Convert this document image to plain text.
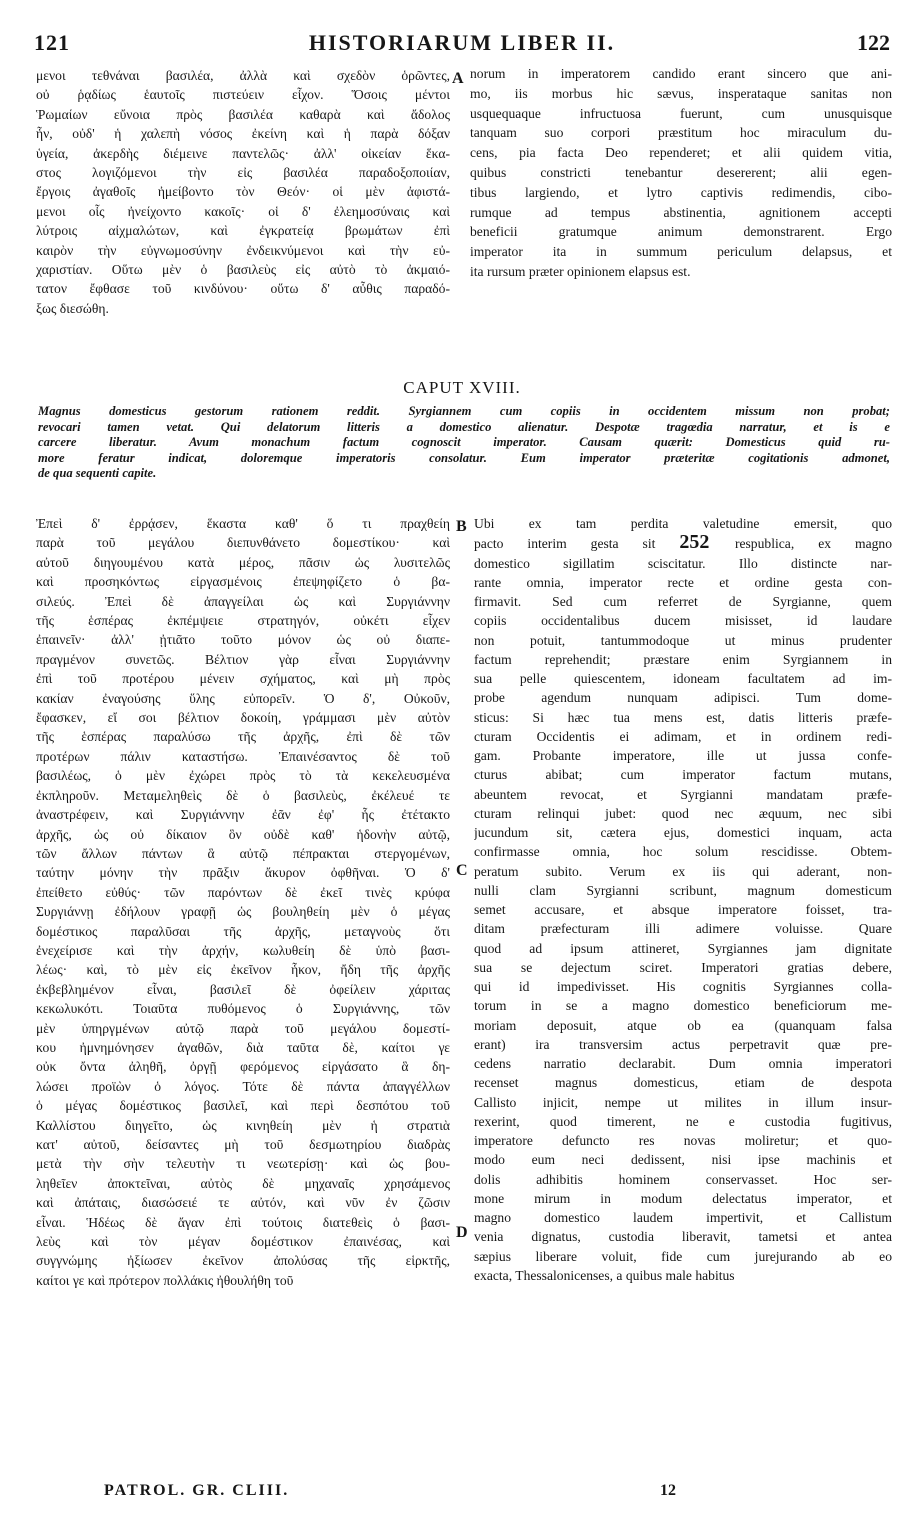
121	HISTORIARUM LIBER II.	122
μενοι τεθνάναι βασιλέα, ἀλλὰ καὶ σχεδὸν ὁρῶντες,
οὐ ῥᾳδίως ἑαυτοῖς πιστεύειν εἶχον. Ὅσοις μέντοι
Ῥωμαίων εὔνοια πρὸς βασιλέα καθαρὰ καὶ ἄδολος
ἦν, οὐδ' ἡ χαλεπὴ νόσος ἐκείνη καὶ ἡ παρὰ δόξαν
ὑγεία, ἀκερδὴς διέμεινε παντελῶς· ἀλλ' οἰκείαν ἕκα-
στος λογιζόμενοι τὴν εἰς βασιλέα παραδοξοποιίαν,
ἔργοις ἀγαθοῖς ἠμείβοντο τὸν Θεόν· οἱ μὲν ἀφιστά-
μενοι οἷς ἠνείχοντο κακοῖς· οἱ δ' ἐλεημοσύναις καὶ
λύτροις αἰχμαλώτων, καὶ ἐγκρατείᾳ βρωμάτων ἐπὶ
καιρὸν τὴν εὐγνωμοσύνην ἐνδεικνύμενοι καὶ τὴν εὐ-
χαριστίαν. Οὕτω μὲν ὁ βασιλεὺς εἰς αὐτὸ τὸ ἀκμαιό-
τατον ἔφθασε τοῦ κινδύνου· οὕτω δ' αὖθις παραδό-
ξως διεσώθη.
A norum in imperatorem candido erant sincero que ani-
mo, iis morbus hic sævus, insperataque sanitas non
usquequaque infructuosa fuerunt, cum unusquisque
tanquam suo corpori præstitum hoc miraculum du-
cens, pia facta Deo rependeret; et alii quidem vitia,
quibus constricti tenebantur desererent; alii egen-
tibus largiendo, et lytro captivis redimendis, cibo-
rumque ad tempus abstinentia, agnitionem accepti
beneficii gratumque animum demonstrarent. Ergo
imperator ita in summum periculum delapsus, et
ita rursum præter opinionem elapsus est.
CAPUT XVIII.
Magnus domesticus gestorum rationem reddit. Syrgiannem cum copiis in occidentem missum non probat;
revocari tamen vetat. Qui delatorum litteris a domestico alienatur. Despotæ tragœdia narratur, et is e
carcere liberatur. Avum monachum factum cognoscit imperator. Causam quærit: Domesticus quid ru-
more feratur indicat, doloremque imperatoris consolatur. Eum imperator præteritæ cogitationis admonet,
de qua sequenti capite.
Ἐπεὶ δ' ἐρρᾴσεν, ἕκαστα καθ' ὅ τι πραχθείη
παρὰ τοῦ μεγάλου διεπυνθάνετο δομεστίκου· καὶ
αὐτοῦ διηγουμένου κατὰ μέρος, πᾶσιν ὡς λυσιτελῶς
καὶ προσηκόντως εἰργασμένοις ἐπεψηφίζετο ὁ βα-
σιλεύς. Ἐπεὶ δὲ ἀπαγγείλαι ὡς καὶ Συργιάννην
τῆς ἑσπέρας ἐκπέμψειε στρατηγόν, οὐκέτι εἶχεν
ἐπαινεῖν· ἀλλ' ᾐτιᾶτο τοῦτο μόνον ὡς οὐ διαπε-
πραγμένον συνετῶς. Βέλτιον γὰρ εἶναι Συργιάννην
ἐπὶ τοῦ προτέρου μένειν σχήματος, καὶ μὴ πρὸς
κακίαν ἐναγούσης ὕλης εὐπορεῖν. Ὁ δ', Οὐκοῦν,
ἔφασκεν, εἴ σοι βέλτιον δοκοίη, γράμμασι μὲν αὐτὸν
τῆς ἑσπέρας παραλύσω τῆς ἀρχῆς, ἐπὶ δὲ τῶν
προτέρων πάλιν καταστήσω. Ἐπαινέσαντος δὲ τοῦ
βασιλέως, ὁ μὲν ἐχώρει πρὸς τὸ τὰ κεκελευσμένα
ἐκπληροῦν. Μεταμεληθεὶς δὲ ὁ βασιλεὺς, ἐκέλευέ τε
ἀναστρέφειν, καὶ Συργιάννην ἐᾶν ἐφ' ἧς ἐτέτακτο
ἀρχῆς, ὡς οὐ δίκαιον ὃν οὐδὲ καθ' ἡδονὴν αὐτῷ,
τῶν ἄλλων πάντων ἃ αὐτῷ πέπρακται στεργομένων,
ταύτην μόνην τὴν πρᾶξιν ἄκυρον ὀφθῆναι. Ὁ δ'
ἐπείθετο εὐθύς· τῶν παρόντων δὲ ἐκεῖ τινὲς κρύφα
Συργιάννῃ ἐδήλουν γραφῇ ὡς βουληθείη μὲν ὁ μέγας
δομέστικος παραλῦσαι τῆς ἀρχῆς, μεταγνοὺς ὅτι
ἐνεχείρισε καὶ τὴν ἀρχήν, κωλυθείη δὲ ὑπὸ βασι-
λέως· καὶ, τὸ μὲν εἰς ἐκεῖνον ἧκον, ἤδη τῆς ἀρχῆς
ἐκβεβλημένον εἶναι, βασιλεῖ δὲ ὀφείλειν χάριτας
κεκωλυκότι. Τοιαῦτα πυθόμενος ὁ Συργιάννης, τῶν
μὲν ὑπηργμένων αὐτῷ παρὰ τοῦ μεγάλου δομεστί-
κου ἠμνημόνησεν ἀγαθῶν, διὰ ταῦτα δὲ, καίτοι γε
οὐκ ὄντα ἀληθῆ, ὀργῇ φερόμενος εἰργάσατο ἃ δη-
λώσει προϊὼν ὁ λόγος. Τότε δὲ πάντα ἀπαγγέλλων
ὁ μέγας δομέστικος βασιλεῖ, καὶ περὶ δεσπότου τοῦ
Καλλίστου διηγεῖτο, ὡς κινηθείη μὲν ἡ στρατιὰ
κατ' αὐτοῦ, δείσαντες μὴ τοῦ δεσμωτηρίου διαδρὰς
μετὰ τὴν σὴν τελευτὴν τι νεωτερίσῃ· καὶ ὡς βου-
ληθεῖεν ἀποκτεῖναι, αὐτὸς δὲ μηχαναῖς χρησάμενος
καὶ ἀπάταις, διασώσειέ τε αὐτόν, καὶ νῦν ἐν ζῶσιν
εἶναι. Ἡδέως δὲ ἄγαν ἐπὶ τούτοις διατεθεὶς ὁ βασι-
λεὺς καὶ τὸν μέγαν δομέστικον ἐπαινέσας, καὶ
συγγνώμης ἠξίωσεν ἐκεῖνον ἀπολύσας τῆς εἱρκτῆς,
καίτοι γε καὶ πρότερον πολλάκις ἠθουλήθη τοῦ
B
C
D
Ubi ex tam perdita valetudine emersit, quo
pacto interim gesta sit 252 respublica, ex magno
domestico sigillatim sciscitatur. Illo distincte nar-
rante omnia, imperator recte et ordine gesta con-
firmavit. Sed cum referret de Syrgianne, quem
copiis occidentalibus ducem misisset, id laudare
non potuit, tantummodoque ut minus prudenter
factum reprehendit; præstare enim Syrgiannem in
sua pelle quiescentem, idoneam facultatem ad im-
probe agendum nunquam adipisci. Tum dome-
sticus: Si hæc tua mens est, datis litteris præfe-
cturam Occidentis ei adimam, et in ordinem redi-
gam. Probante imperatore, ille ut jussa confe-
cturus abibat; cum imperator factum mutans,
abeuntem revocat, et Syrgianni mandatam præfe-
cturam relinqui jubet: quod nec æquum, nec sibi
jucundum sit, cætera ejus, domestici inquam, acta
confirmasse omnia, hoc solum rescidisse. Obtem-
peratum subito. Verum ex iis qui aderant, non-
nulli clam Syrgianni scribunt, magnum domesticum
semet accusare, et absque imperatore foisset, tra-
ditam præfecturam illi adimere voluisse. Quare
quod ad ipsum attineret, Syrgiannes jam dignitate
sua se dejectum sciret. Imperatori gratias debere,
qui id impedivisset. His cognitis Syrgiannes colla-
torum in se a magno domestico beneficiorum me-
moriam deposuit, atque ob ea (quanquam falsa
erant) ira transversim actus perpetravit quæ pre-
cedens narratio declarabit. Dum omnia imperatori
recenset magnus domesticus, etiam de despota
Callisto injicit, nempe ut milites in illum insur-
rexerint, quod timerent, ne e custodia fugitivus,
imperatore defuncto res novas moliretur; et quo-
modo eum neci dedissent, nisi ipse machinis et
dolis adhibitis hominem conservasset. Hoc ser-
mone mirum in modum delectatus imperator, et
magno domestico laudem impertivit, et Callistum
venia dignatus, custodia liberavit, tametsi et antea
sæpius liberare voluit, fide cum jurejurando ab eo
exacta, Thessalonicenses, a quibus male habitus
PATROL. GR. CLIII.	12
